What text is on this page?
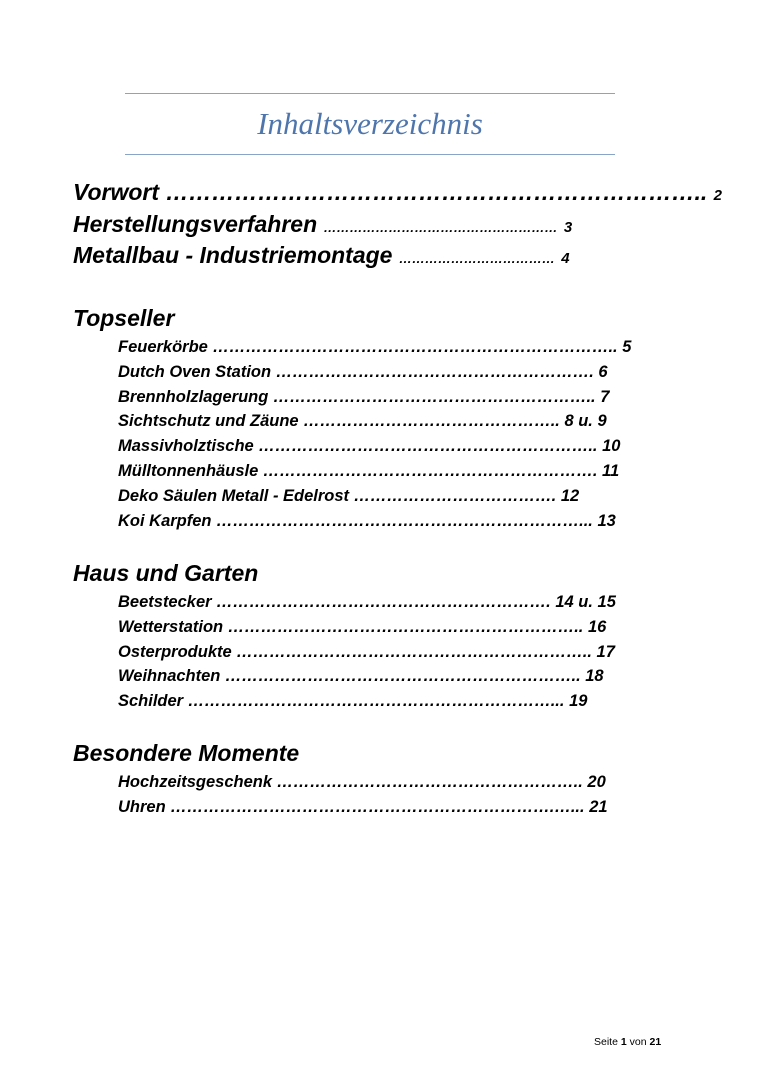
Inhaltsverzeichnis
Vorwort …………………………………………………………….. 2
Herstellungsverfahren ……………………………………………… 3
Metallbau - Industriemontage ……………………………… 4
Topseller
Feuerkörbe ……………………………………………………………….. 5
Dutch Oven Station …………………………………………………. 6
Brennholzlagerung ………………………………………………….. 7
Sichtschutz und Zäune ……………………………………….. 8 u. 9
Massivholztische …………………………………………………….. 10
Mülltonnenhäusle ……………………………………………………. 11
Deko Säulen Metall - Edelrost ………………………………. 12
Koi Karpfen …………………………………………………………... 13
Haus und Garten
Beetstecker ……………………………………………………. 14 u. 15
Wetterstation ……………………………………………………….. 16
Osterprodukte ……………………………………………………….. 17
Weihnachten ……………………………………………………….. 18
Schilder …………………………………………………………... 19
Besondere Momente
Hochzeitsgeschenk ……………………………………………….. 20
Uhren …………………………………………………………….…... 21
Seite 1 von 21
